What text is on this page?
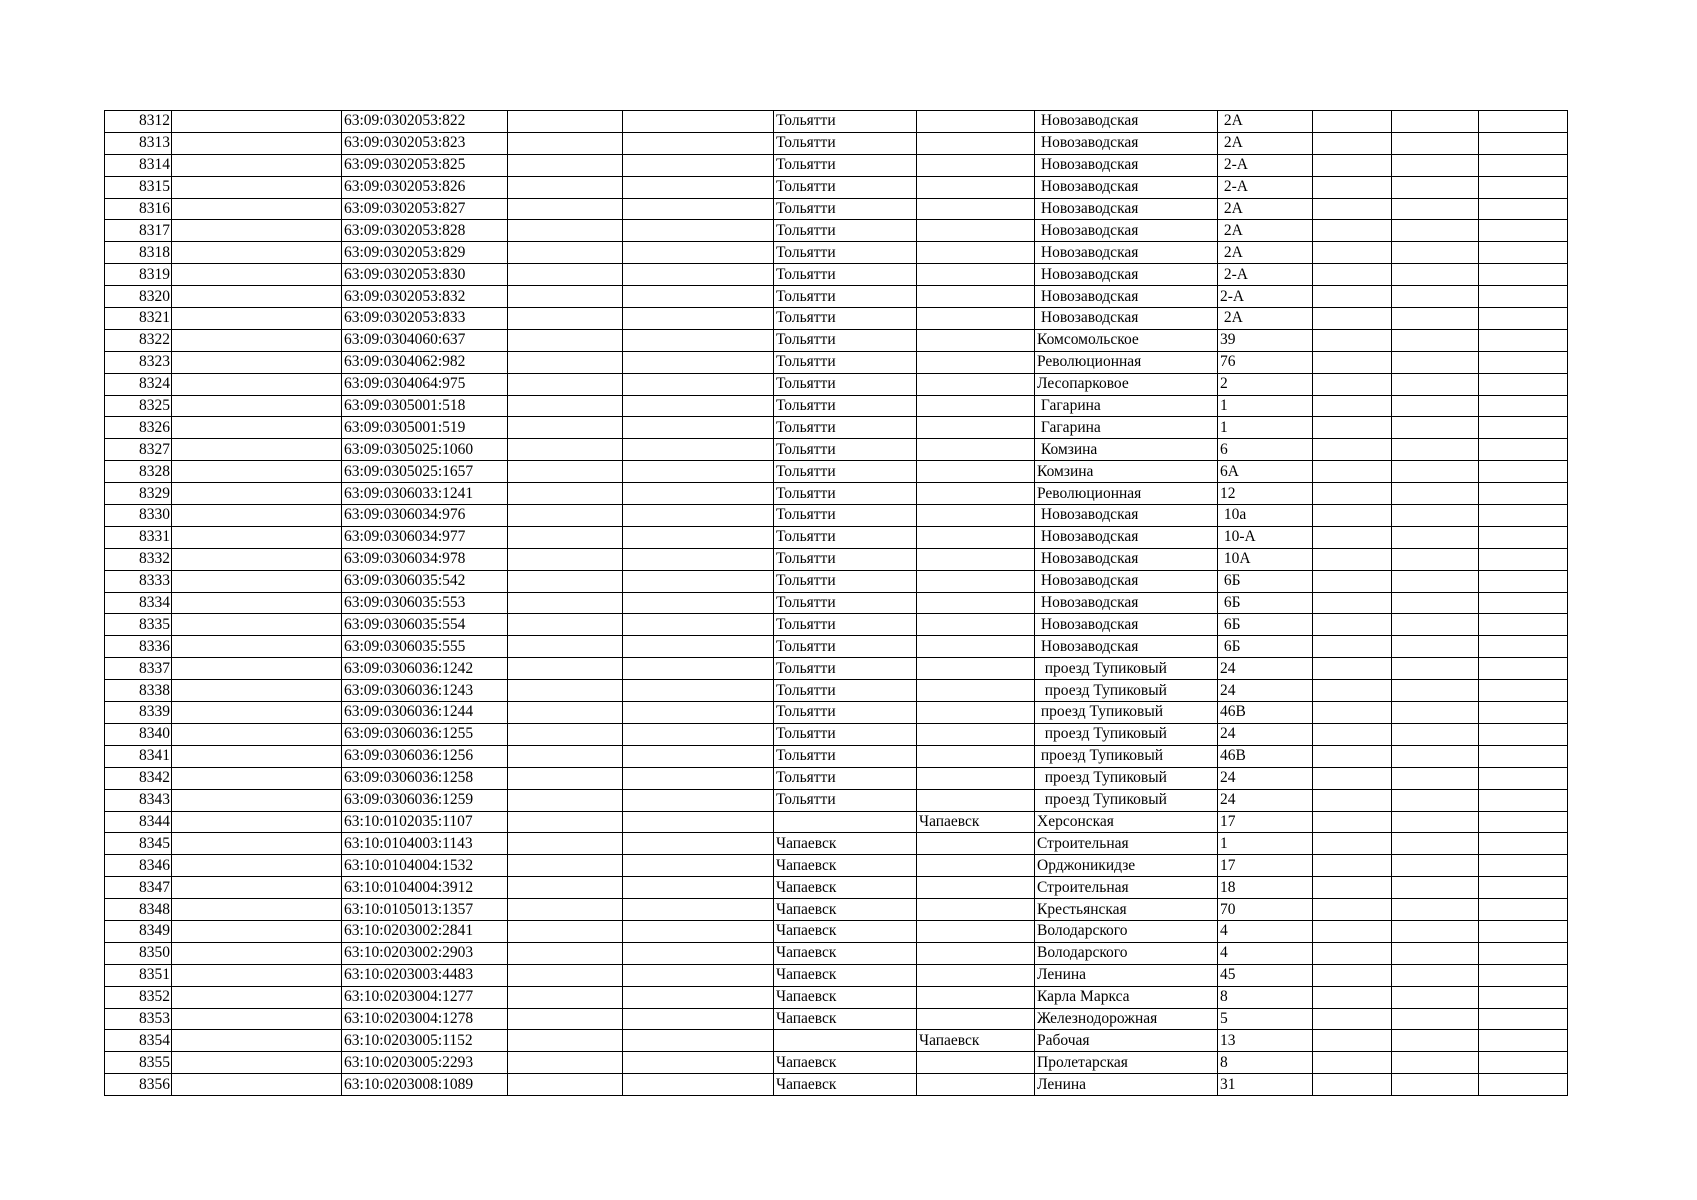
8312		63:09:0302053:822			Тольятти		Новозаводская	2А			
8313		63:09:0302053:823			Тольятти		Новозаводская	2А			
8314		63:09:0302053:825			Тольятти		Новозаводская	2-А			
8315		63:09:0302053:826			Тольятти		Новозаводская	2-А			
8316		63:09:0302053:827			Тольятти		Новозаводская	2А			
8317		63:09:0302053:828			Тольятти		Новозаводская	2А			
8318		63:09:0302053:829			Тольятти		Новозаводская	2А			
8319		63:09:0302053:830			Тольятти		Новозаводская	2-А			
8320		63:09:0302053:832			Тольятти		Новозаводская	2-А			
8321		63:09:0302053:833			Тольятти		Новозаводская	2А			
8322		63:09:0304060:637			Тольятти		Комсомольское	39			
8323		63:09:0304062:982			Тольятти		Революционная	76			
8324		63:09:0304064:975			Тольятти		Лесопарковое	2			
8325		63:09:0305001:518			Тольятти		Гагарина	1			
8326		63:09:0305001:519			Тольятти		Гагарина	1			
8327		63:09:0305025:1060			Тольятти		Комзина	6			
8328		63:09:0305025:1657			Тольятти		Комзина	6А			
8329		63:09:0306033:1241			Тольятти		Революционная	12			
8330		63:09:0306034:976			Тольятти		Новозаводская	10а			
8331		63:09:0306034:977			Тольятти		Новозаводская	10-А			
8332		63:09:0306034:978			Тольятти		Новозаводская	10А			
8333		63:09:0306035:542			Тольятти		Новозаводская	6Б			
8334		63:09:0306035:553			Тольятти		Новозаводская	6Б			
8335		63:09:0306035:554			Тольятти		Новозаводская	6Б			
8336		63:09:0306035:555			Тольятти		Новозаводская	6Б			
8337		63:09:0306036:1242			Тольятти		проезд Тупиковый	24			
8338		63:09:0306036:1243			Тольятти		проезд Тупиковый	24			
8339		63:09:0306036:1244			Тольятти		проезд Тупиковый	46В			
8340		63:09:0306036:1255			Тольятти		проезд Тупиковый	24			
8341		63:09:0306036:1256			Тольятти		проезд Тупиковый	46В			
8342		63:09:0306036:1258			Тольятти		проезд Тупиковый	24			
8343		63:09:0306036:1259			Тольятти		проезд Тупиковый	24			
8344		63:10:0102035:1107				Чапаевск	Херсонская	17			
8345		63:10:0104003:1143			Чапаевск		Строительная	1			
8346		63:10:0104004:1532			Чапаевск		Орджоникидзе	17			
8347		63:10:0104004:3912			Чапаевск		Строительная	18			
8348		63:10:0105013:1357			Чапаевск		Крестьянская	70			
8349		63:10:0203002:2841			Чапаевск		Володарского	4			
8350		63:10:0203002:2903			Чапаевск		Володарского	4			
8351		63:10:0203003:4483			Чапаевск		Ленина	45			
8352		63:10:0203004:1277			Чапаевск		Карла Маркса	8			
8353		63:10:0203004:1278			Чапаевск		Железнодорожная	5			
8354		63:10:0203005:1152				Чапаевск	Рабочая	13			
8355		63:10:0203005:2293			Чапаевск		Пролетарская	8			
8356		63:10:0203008:1089			Чапаевск		Ленина	31			
